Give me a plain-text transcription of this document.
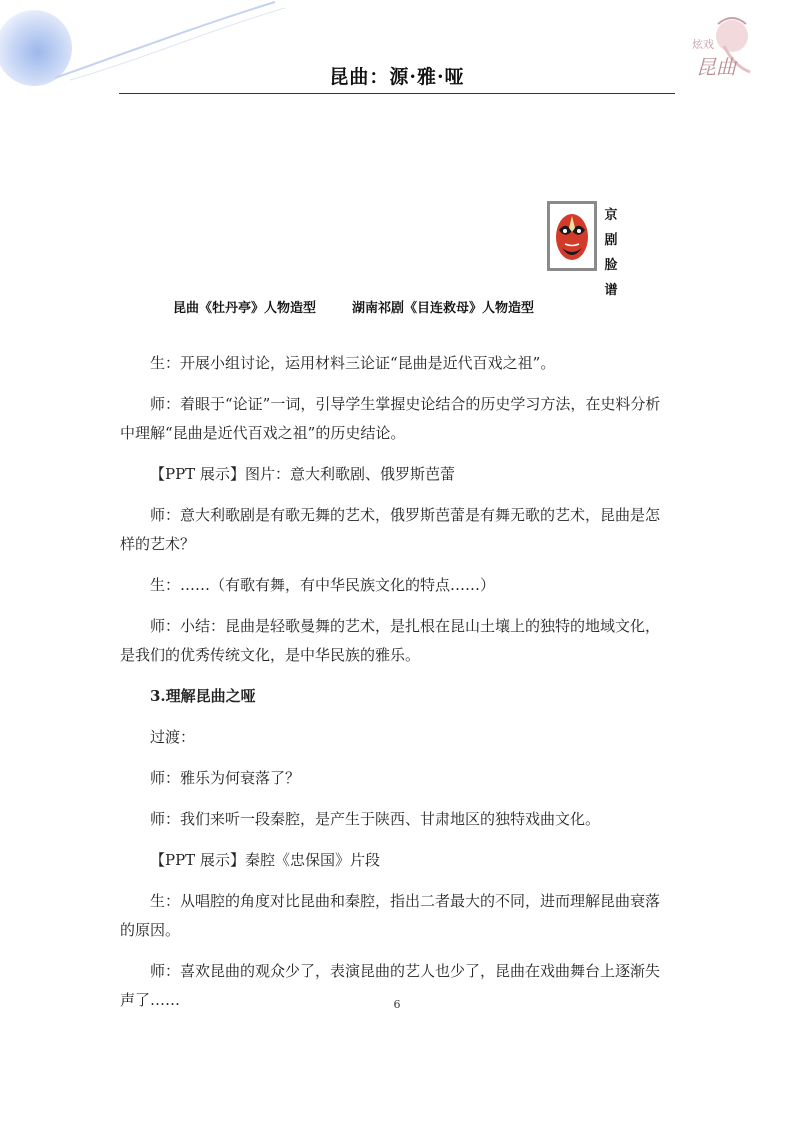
炫戏
昆曲
昆曲：源·雅·哑
京
剧
脸
谱
昆曲《牡丹亭》人物造型	湖南祁剧《目连救母》人物造型

生：开展小组讨论，运用材料三论证“昆曲是近代百戏之祖”。

师：着眼于“论证”一词，引导学生掌握史论结合的历史学习方法，在史料分析中理解“昆曲是近代百戏之祖”的历史结论。

【PPT 展示】图片：意大利歌剧、俄罗斯芭蕾

师：意大利歌剧是有歌无舞的艺术，俄罗斯芭蕾是有舞无歌的艺术，昆曲是怎样的艺术？

生：……（有歌有舞，有中华民族文化的特点……）

师：小结：昆曲是轻歌曼舞的艺术，是扎根在昆山土壤上的独特的地域文化，是我们的优秀传统文化，是中华民族的雅乐。

3.理解昆曲之哑

过渡：

师：雅乐为何衰落了？

师：我们来听一段秦腔，是产生于陕西、甘肃地区的独特戏曲文化。

【PPT 展示】秦腔《忠保国》片段

生：从唱腔的角度对比昆曲和秦腔，指出二者最大的不同，进而理解昆曲衰落的原因。

师：喜欢昆曲的观众少了，表演昆曲的艺人也少了，昆曲在戏曲舞台上逐渐失声了……	6
